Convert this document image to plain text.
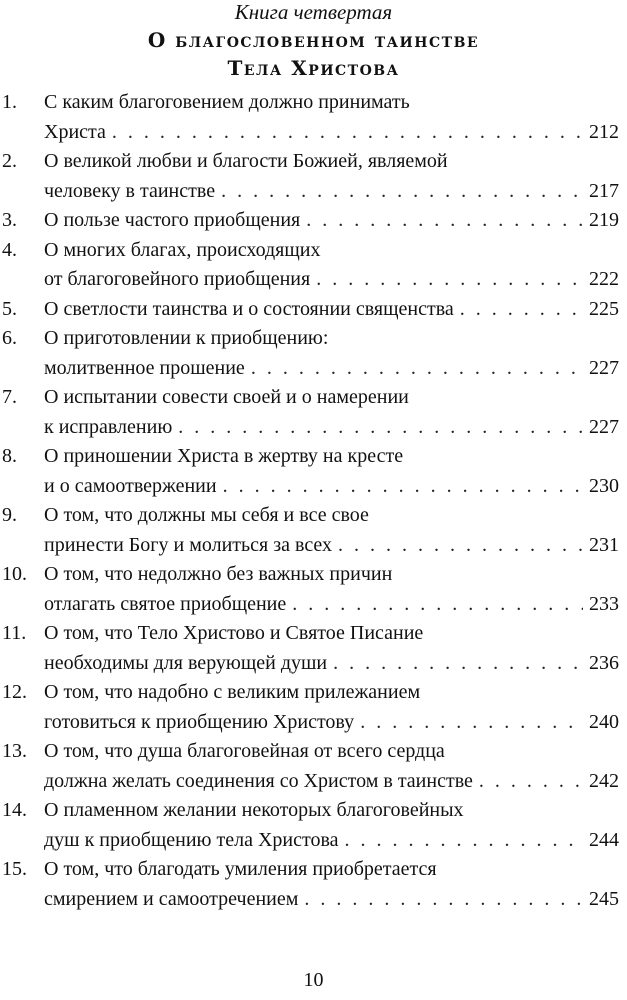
Книга четвертая
О благословенном таинстве
Тела Христова
1. С каким благоговением должно принимать
Христа . . .	212
2. О великой любви и благости Божией, являемой
человеку в таинстве . . .	217
3. О пользе частого приобщения . . .	219
4. О многих благах, происходящих
от благоговейного приобщения . . .	222
5. О светлости таинства и о состоянии священства . . .	225
6. О приготовлении к приобщению:
молитвенное прошение . . .	227
7. О испытании совести своей и о намерении
к исправлению . . .	227
8. О приношении Христа в жертву на кресте
и о самоотвержении . . .	230
9. О том, что должны мы себя и все свое
принести Богу и молиться за всех . . .	231
10. О том, что недолжно без важных причин
отлагать святое приобщение . . .	233
11. О том, что Тело Христово и Святое Писание
необходимы для верующей души . . .	236
12. О том, что надобно с великим прилежанием
готовиться к приобщению Христову . . .	240
13. О том, что душа благоговейная от всего сердца
должна желать соединения со Христом в таинстве . . .	242
14. О пламенном желании некоторых благоговейных
душ к приобщению тела Христова . . .	244
15. О том, что благодать умиления приобретается
смирением и самоотречением . . .	245
10
